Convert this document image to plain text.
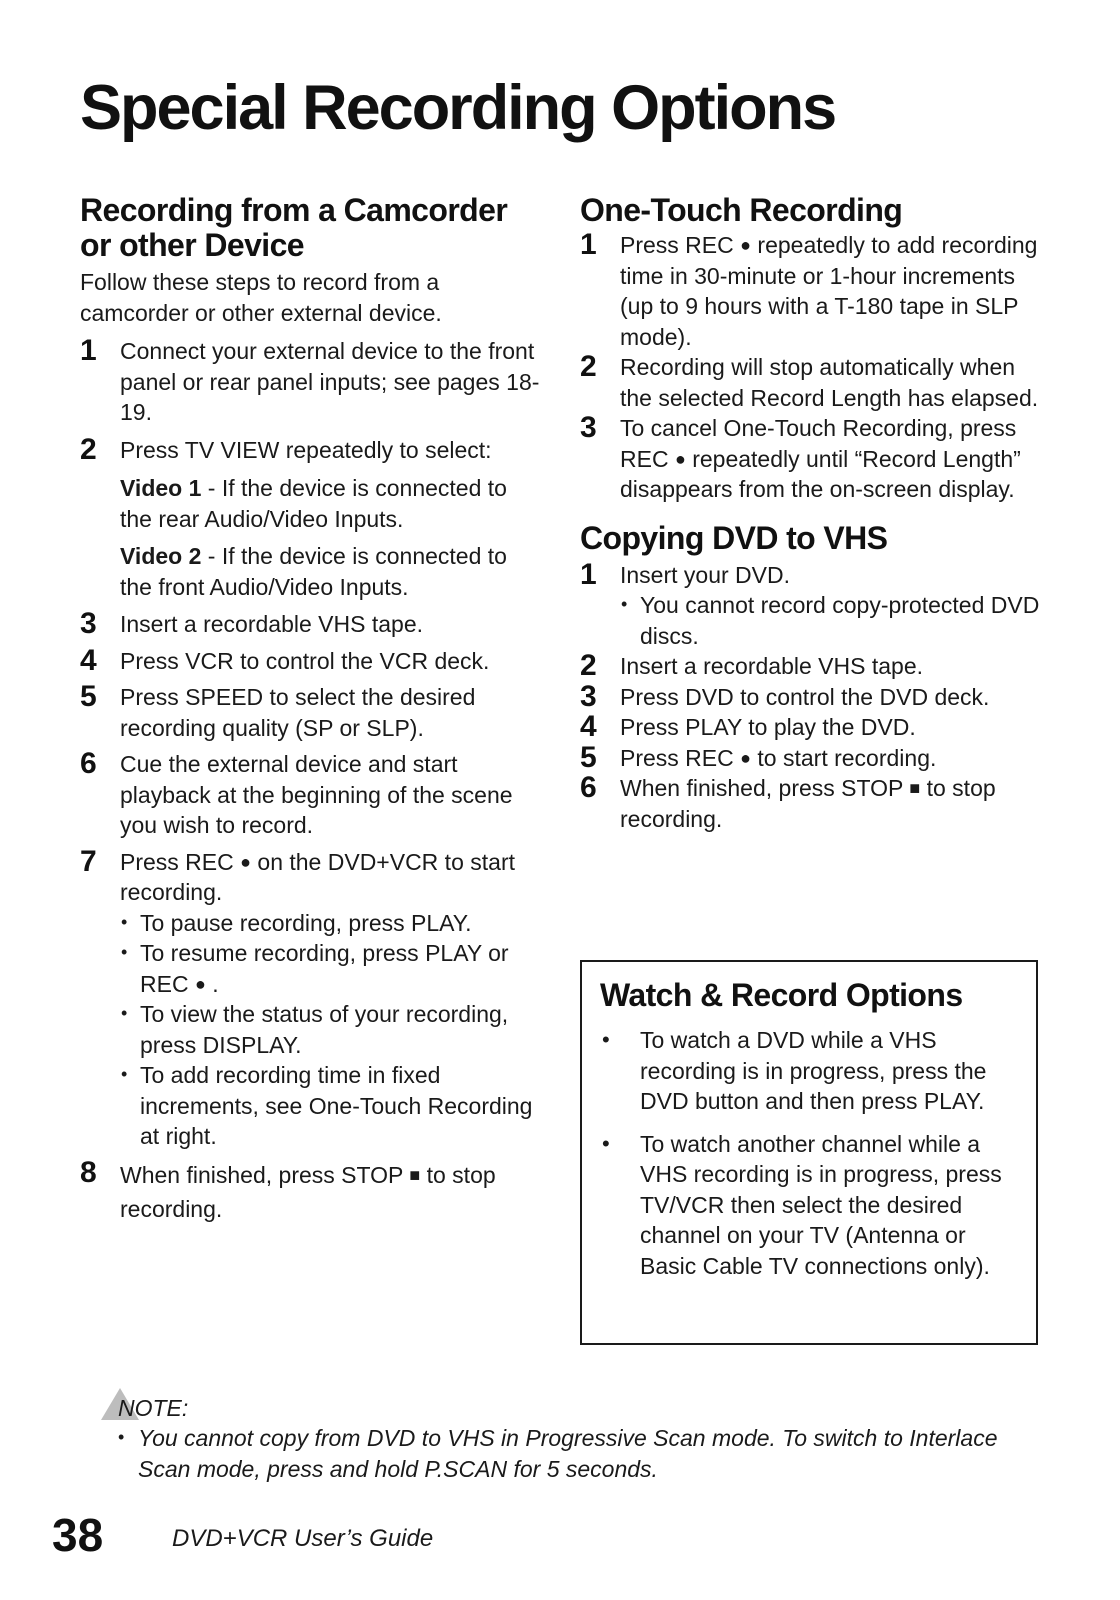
Special Recording Options
Recording from a Camcorder
or other Device

Follow these steps to record from a camcorder or other external device.

1 Connect your external device to the front panel or rear panel inputs; see pages 18-19.
2 Press TV VIEW repeatedly to select:
Video 1 - If the device is connected to the rear Audio/Video Inputs.
Video 2 - If the device is connected to the front Audio/Video Inputs.
3 Insert a recordable VHS tape.
4 Press VCR to control the VCR deck.
5 Press SPEED to select the desired recording quality (SP or SLP).
6 Cue the external device and start playback at the beginning of the scene you wish to record.
7 Press REC ● on the DVD+VCR to start recording.
• To pause recording, press PLAY.
• To resume recording, press PLAY or REC ● .
• To view the status of your recording, press DISPLAY.
• To add recording time in fixed increments, see One-Touch Recording at right.
8 When finished, press STOP ■ to stop recording.
One-Touch Recording
1 Press REC ● repeatedly to add recording time in 30-minute or 1-hour increments (up to 9 hours with a T-180 tape in SLP mode).
2 Recording will stop automatically when the selected Record Length has elapsed.
3 To cancel One-Touch Recording, press REC ● repeatedly until “Record Length” disappears from the on-screen display.
Copying DVD to VHS
1 Insert your DVD.
• You cannot record copy-protected DVD discs.
2 Insert a recordable VHS tape.
3 Press DVD to control the DVD deck.
4 Press PLAY to play the DVD.
5 Press REC ● to start recording.
6 When finished, press STOP ■ to stop recording.
Watch & Record Options
• To watch a DVD while a VHS recording is in progress, press the DVD button and then press PLAY.
• To watch another channel while a VHS recording is in progress, press TV/VCR then select the desired channel on your TV (Antenna or Basic Cable TV connections only).
NOTE:
• You cannot copy from DVD to VHS in Progressive Scan mode. To switch to Interlace Scan mode, press and hold P.SCAN for 5 seconds.
38	DVD+VCR User’s Guide
